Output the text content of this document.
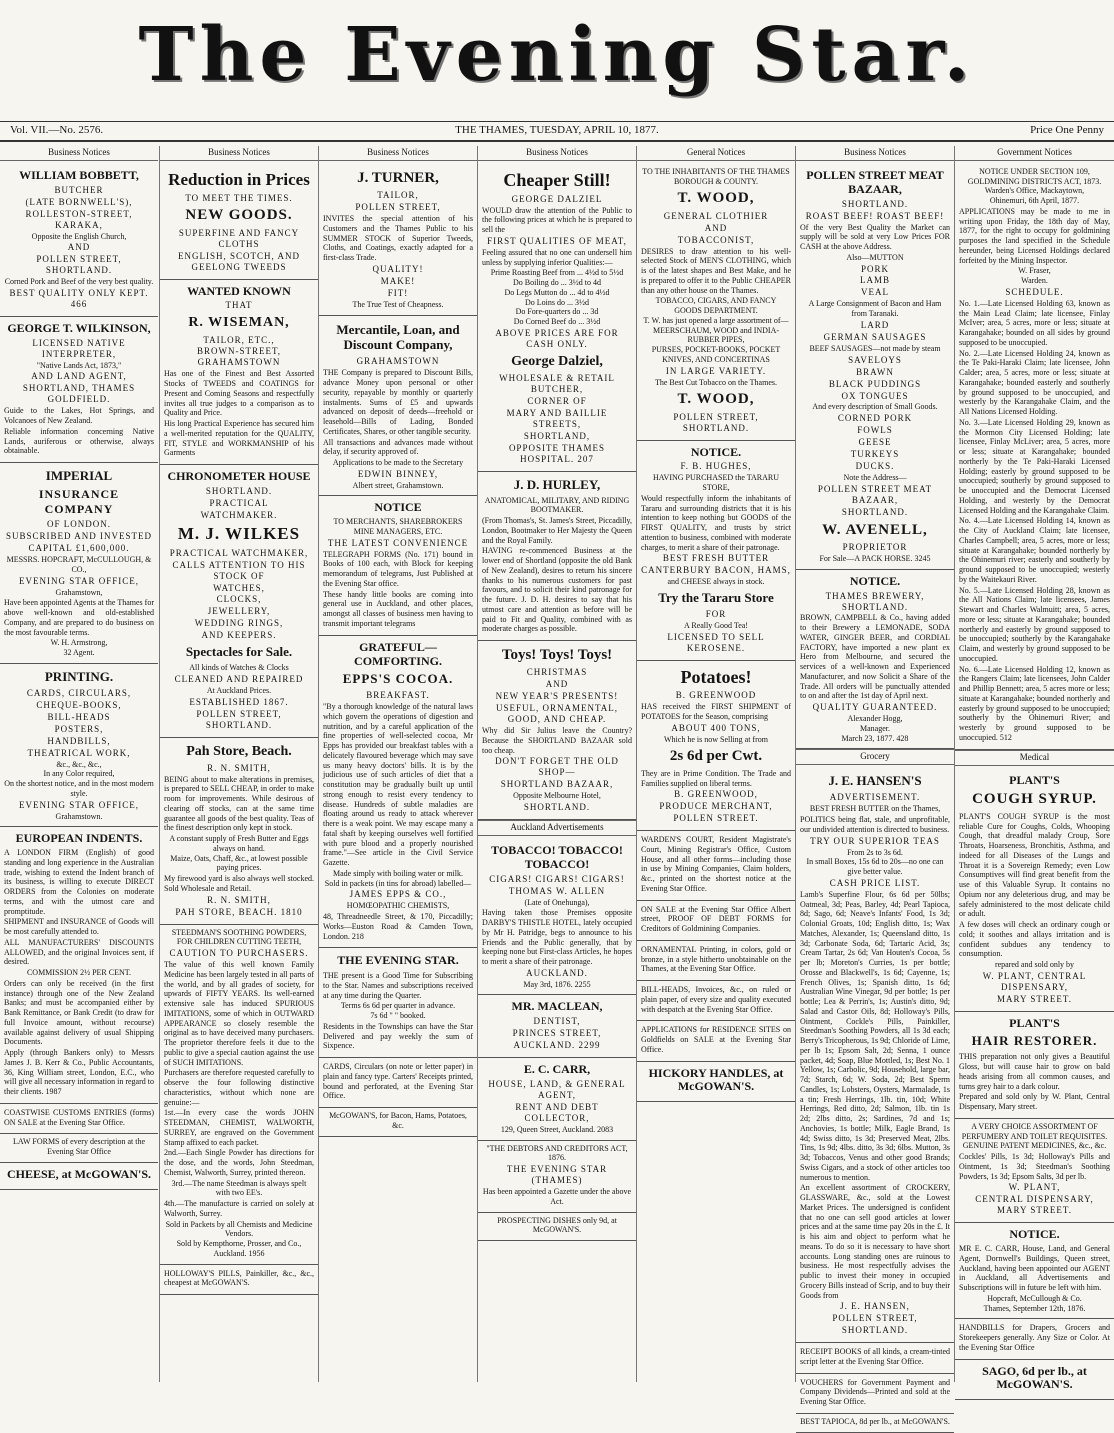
The Evening Star.
Vol. VII.—No. 2576.	THE THAMES, TUESDAY, APRIL 10, 1877.	Price One Penny
Business Notices
WILLIAM BOBBETT,
BUTCHER
(LATE BORNWELL'S),
ROLLESTON-STREET, KARAKA,
Opposite the English Church,
AND
POLLEN STREET, SHORTLAND.
Corned Pork and Beef of the very best quality.
BEST QUALITY ONLY KEPT. 466
GEORGE T. WILKINSON,
LICENSED NATIVE INTERPRETER,
"Native Lands Act, 1873,"
AND LAND AGENT,
SHORTLAND, THAMES GOLDFIELD.
Guide to the Lakes, Hot Springs, and Volcanoes of New Zealand.
Reliable information concerning Native Lands, auriferous or otherwise, always obtainable.
IMPERIAL
INSURANCE COMPANY
OF LONDON.
SUBSCRIBED AND INVESTED
CAPITAL £1,600,000.
MESSRS. HOPCRAFT, McCULLOUGH, & CO.,
EVENING STAR OFFICE,
Grahamstown,
Have been appointed Agents at the Thames for above well-known and old-established Company, and are prepared to do business on the most favourable terms.
W. H. Armstrong,
32 Agent.
PRINTING.
CARDS, CIRCULARS,
CHEQUE-BOOKS,
BILL-HEADS
POSTERS,
HANDBILLS,
THEATRICAL WORK,
&c., &c., &c.,
In any Color required,
On the shortest notice, and in the most modern style.
EVENING STAR OFFICE,
Grahamstown.
EUROPEAN INDENTS.
A LONDON FIRM (English) of good standing and long experience in the Australian trade, wishing to extend the Indent branch of its business, is willing to execute DIRECT ORDERS from the Colonies on moderate terms, and with the utmost care and promptitude.
SHIPMENT and INSURANCE of Goods will be most carefully attended to.
ALL MANUFACTURERS' DISCOUNTS ALLOWED, and the original Invoices sent, if desired.
COMMISSION 2½ PER CENT.
Orders can only be received (in the first instance) through one of the New Zealand Banks; and must be accompanied either by Bank Remittance, or Bank Credit (to draw for full Invoice amount, without recourse) available against delivery of usual Shipping Documents.
Apply (through Bankers only) to Messrs James J. B. Kerr & Co., Public Accountants, 36, King William street, London, E.C., who will give all necessary information in regard to their clients. 1987
COASTWISE CUSTOMS ENTRIES (forms) ON SALE at the Evening Star Office.
LAW FORMS of every description at the Evening Star Office
CHEESE, at McGOWAN'S.
Business Notices
Reduction in Prices
TO MEET THE TIMES.
NEW GOODS.
SUPERFINE AND FANCY CLOTHS
ENGLISH, SCOTCH, AND GEELONG TWEEDS
WANTED KNOWN
THAT
R. WISEMAN,
TAILOR, ETC.,
BROWN-STREET, GRAHAMSTOWN
Has one of the Finest and Best Assorted Stocks of TWEEDS and COATINGS for Present and Coming Seasons and respectfully invites all true judges to a comparison as to Quality and Price.
His long Practical Experience has secured him a well-merited reputation for the QUALITY, FIT, STYLE and WORKMANSHIP of his Garments
CHRONOMETER HOUSE
SHORTLAND.
PRACTICAL
WATCHMAKER.
M. J. WILKES
PRACTICAL WATCHMAKER,
CALLS ATTENTION TO HIS STOCK OF
WATCHES,
CLOCKS,
JEWELLERY,
WEDDING RINGS,
AND KEEPERS.
Spectacles for Sale.
All kinds of Watches & Clocks
CLEANED AND REPAIRED
At Auckland Prices.
ESTABLISHED 1867.
POLLEN STREET, SHORTLAND.
Pah Store, Beach.
R. N. SMITH,
BEING about to make alterations in premises, is prepared to SELL CHEAP, in order to make room for improvements. While desirous of clearing off stocks, can at the same time guarantee all goods of the best quality. Teas of the finest description only kept in stock.
A constant supply of Fresh Butter and Eggs always on hand.
Maize, Oats, Chaff, &c., at lowest possible paying prices.
My firewood yard is also always well stocked. Sold Wholesale and Retail.
R. N. SMITH,
PAH STORE, BEACH. 1810
STEEDMAN'S SOOTHING POWDERS, FOR CHILDREN CUTTING TEETH,
CAUTION TO PURCHASERS.
The value of this well known Family Medicine has been largely tested in all parts of the world, and by all grades of society, for upwards of FIFTY YEARS. Its well-earned extensive sale has induced SPURIOUS IMITATIONS, some of which in OUTWARD APPEARANCE so closely resemble the original as to have deceived many purchasers. The proprietor therefore feels it due to the public to give a special caution against the use of SUCH IMITATIONS.
Purchasers are therefore requested carefully to observe the four following distinctive characteristics, without which none are genuine:—
1st.—In every case the words JOHN STEEDMAN, CHEMIST, WALWORTH, SURREY, are engraved on the Government Stamp affixed to each packet.
2nd.—Each Single Powder has directions for the dose, and the words, John Steedman, Chemist, Walworth, Surrey, printed thereon.
3rd.—The name Steedman is always spelt with two EE's.
4th.—The manufacture is carried on solely at Walworth, Surrey.
Sold in Packets by all Chemists and Medicine Vendors.
Sold by Kempthorne, Prosser, and Co., Auckland. 1956
HOLLOWAY'S PILLS, Painkiller, &c., &c., cheapest at McGOWAN'S.
Business Notices
J. TURNER,
TAILOR,
POLLEN STREET,
INVITES the special attention of his Customers and the Thames Public to his SUMMER STOCK of Superior Tweeds, Cloths, and Coatings, exactly adapted for a first-class Trade.
QUALITY!
MAKE!
FIT!
The True Test of Cheapness.
Mercantile, Loan, and Discount Company,
GRAHAMSTOWN
THE Company is prepared to Discount Bills, advance Money upon personal or other security, repayable by monthly or quarterly instalments. Sums of £5 and upwards advanced on deposit of deeds—freehold or leasehold—Bills of Lading, Bonded Certificates, Shares, or other tangible security.
All transactions and advances made without delay, if security approved of.
Applications to be made to the Secretary
EDWIN BINNEY,
Albert street, Grahamstown.
NOTICE
TO MERCHANTS, SHAREBROKERS MINE MANAGERS, ETC.
THE LATEST CONVENIENCE
TELEGRAPH FORMS (No. 171) bound in Books of 100 each, with Block for keeping memorandum of telegrams, Just Published at the Evening Star office.
These handy little books are coming into general use in Auckland, and other places, amongst all classes of business men having to transmit important telegrams
GRATEFUL—COMFORTING.
EPPS'S COCOA.
BREAKFAST.
"By a thorough knowledge of the natural laws which govern the operations of digestion and nutrition, and by a careful application of the fine properties of well-selected cocoa, Mr Epps has provided our breakfast tables with a delicately flavoured beverage which may save us many heavy doctors' bills. It is by the judicious use of such articles of diet that a constitution may be gradually built up until strong enough to resist every tendency to disease. Hundreds of subtle maladies are floating around us ready to attack wherever there is a weak point. We may escape many a fatal shaft by keeping ourselves well fortified with pure blood and a properly nourished frame."—See article in the Civil Service Gazette.
Made simply with boiling water or milk.
Sold in packets (in tins for abroad) labelled—
JAMES EPPS & CO.,
HOMŒOPATHIC CHEMISTS,
48, Threadneedle Street, & 170, Piccadilly; Works—Euston Road & Camden Town, London. 218
THE EVENING STAR.
THE present is a Good Time for Subscribing to the Star. Names and subscriptions received at any time during the Quarter.
Terms 6s 6d per quarter in advance.
7s 6d " " booked.
Residents in the Townships can have the Star Delivered and pay weekly the sum of Sixpence.
CARDS, Circulars (on note or letter paper) in plain and fancy type. Carters' Receipts printed, bound and perforated, at the Evening Star Office.
McGOWAN'S, for Bacon, Hams, Potatoes, &c.
Business Notices
Cheaper Still!
GEORGE DALZIEL
WOULD draw the attention of the Public to the following prices at which he is prepared to sell the
FIRST QUALITIES OF MEAT,
Feeling assured that no one can undersell him unless by supplying inferior Qualities:—
Prime Roasting Beef from ... 4½d to 5½d
Do Boiling do ... 3½d to 4d
Do Legs Mutton do ... 4d to 4½d
Do Loins do ... 3½d
Do Fore-quarters do ... 3d
Do Corned Beef do ... 3½d
ABOVE PRICES ARE FOR CASH ONLY.
George Dalziel,
WHOLESALE & RETAIL BUTCHER,
CORNER OF
MARY AND BAILLIE STREETS,
SHORTLAND,
OPPOSITE THAMES HOSPITAL. 207
J. D. HURLEY,
ANATOMICAL, MILITARY, AND RIDING BOOTMAKER.
(From Thomas's, St. James's Street, Piccadilly, London, Bootmaker to Her Majesty the Queen and the Royal Family.
HAVING re-commenced Business at the lower end of Shortland (opposite the old Bank of New Zealand), desires to return his sincere thanks to his numerous customers for past favours, and to solicit their kind patronage for the future. J. D. H. desires to say that his utmost care and attention as before will be paid to Fit and Quality, combined with as moderate charges as possible.
Toys! Toys! Toys!
CHRISTMAS
AND
NEW YEAR'S PRESENTS!
USEFUL, ORNAMENTAL, GOOD, AND CHEAP.
Why did Sir Julius leave the Country? Because the SHORTLAND BAZAAR sold too cheap.
DON'T FORGET THE OLD SHOP—
SHORTLAND BAZAAR,
Opposite Melbourne Hotel,
SHORTLAND.
Auckland Advertisements
TOBACCO! TOBACCO! TOBACCO!
CIGARS! CIGARS! CIGARS!
THOMAS W. ALLEN
(Late of Onehunga),
Having taken those Premises opposite DARBY'S THISTLE HOTEL, lately occupied by Mr H. Patridge, begs to announce to his Friends and the Public generally, that by keeping none but First-class Articles, he hopes to merit a share of their patronage.
AUCKLAND.
May 3rd, 1876. 2255
MR. MACLEAN,
DENTIST,
PRINCES STREET,
AUCKLAND. 2299
E. C. CARR,
HOUSE, LAND, & GENERAL AGENT,
RENT AND DEBT COLLECTOR,
129, Queen Street, Auckland. 2083
"THE DEBTORS AND CREDITORS ACT, 1876.
THE EVENING STAR (THAMES)
Has been appointed a Gazette under the above Act.
PROSPECTING DISHES only 9d, at McGOWAN'S.
General Notices
TO THE INHABITANTS OF THE THAMES BOROUGH & COUNTY.
T. WOOD,
GENERAL CLOTHIER
AND
TOBACCONIST,
DESIRES to draw attention to his well-selected Stock of MEN'S CLOTHING, which is of the latest shapes and Best Make, and he is prepared to offer it to the Public CHEAPER than any other house on the Thames.
TOBACCO, CIGARS, AND FANCY GOODS DEPARTMENT.
T. W. has just opened a large assortment of—
MEERSCHAUM, WOOD and INDIA-RUBBER PIPES,
PURSES, POCKET-BOOKS, POCKET KNIVES, AND CONCERTINAS
IN LARGE VARIETY.
The Best Cut Tobacco on the Thames.
T. WOOD,
POLLEN STREET, SHORTLAND.
NOTICE.
F. B. HUGHES,
HAVING PURCHASED the TARARU STORE,
Would respectfully inform the inhabitants of Tararu and surrounding districts that it is his intention to keep nothing but GOODS of the FIRST QUALITY, and trusts by strict attention to business, combined with moderate charges, to merit a share of their patronage.
BEST FRESH BUTTER
CANTERBURY BACON, HAMS,
and CHEESE always in stock.
Try the Tararu Store
FOR
A Really Good Tea!
LICENSED TO SELL KEROSENE.
Potatoes!
B. GREENWOOD
HAS received the FIRST SHIPMENT of POTATOES for the Season, comprising
ABOUT 400 TONS,
Which he is now Selling at from
2s 6d per Cwt.
They are in Prime Condition. The Trade and Families supplied on liberal terms.
B. GREENWOOD,
PRODUCE MERCHANT,
POLLEN STREET.
WARDEN'S COURT, Resident Magistrate's Court, Mining Registrar's Office, Custom House, and all other forms—including those in use by Mining Companies, Claim holders, &c., printed on the shortest notice at the Evening Star Office.
ON SALE at the Evening Star Office Albert street, PROOF OF DEBT FORMS for Creditors of Goldmining Companies.
ORNAMENTAL Printing, in colors, gold or bronze, in a style hitherto unobtainable on the Thames, at the Evening Star Office.
BILL-HEADS, Invoices, &c., on ruled or plain paper, of every size and quality executed with despatch at the Evening Star Office.
APPLICATIONS for RESIDENCE SITES on Goldfields on SALE at the Evening Star Office.
HICKORY HANDLES, at McGOWAN'S.
Business Notices
POLLEN STREET MEAT BAZAAR,
SHORTLAND.
ROAST BEEF! ROAST BEEF!
Of the very Best Quality the Market can supply will be sold at very Low Prices FOR CASH at the above Address.
Also—MUTTON
PORK
LAMB
VEAL
A Large Consignment of Bacon and Ham from Taranaki.
LARD
GERMAN SAUSAGES
BEEF SAUSAGES—not made by steam
SAVELOYS
BRAWN
BLACK PUDDINGS
OX TONGUES
And every description of Small Goods.
CORNED PORK
FOWLS
GEESE
TURKEYS
DUCKS.
Note the Address—
POLLEN STREET MEAT BAZAAR,
SHORTLAND.
W. AVENELL,
PROPRIETOR
For Sale—A PACK HORSE. 3245
NOTICE.
THAMES BREWERY, SHORTLAND.
BROWN, CAMPBELL & Co., having added to their Brewery a LEMONADE, SODA WATER, GINGER BEER, and CORDIAL FACTORY, have imported a new plant ex Hero from Melbourne, and secured the services of a well-known and Experienced Manufacturer, and now Solicit a Share of the Trade. All orders will be punctually attended to on and after the 1st day of April next.
QUALITY GUARANTEED.
Alexander Hogg,
Manager.
March 23, 1877. 428
Grocery
J. E. HANSEN'S
ADVERTISEMENT.
BEST FRESH BUTTER on the Thames,
POLITICS being flat, stale, and unprofitable, our undivided attention is directed to business.
TRY OUR SUPERIOR TEAS
From 2s to 3s 6d.
In small Boxes, 15s 6d to 20s—no one can give better value.
CASH PRICE LIST.
Lamb's Superfine Flour, 6s 6d per 50lbs; Oatmeal, 3d; Peas, Barley, 4d; Pearl Tapioca, 8d; Sago, 6d; Neave's Infants' Food, 1s 3d; Colonial Groats, 10d; English ditto, 1s; Wax Matches, Alexander, 1s; Queensland ditto, 1s 3d; Carbonate Soda, 6d; Tartaric Acid, 3s; Cream Tartar, 2s 6d; Van Houten's Cocoa, 5s per lb; Moreton's Curries, 1s per bottle; Orosse and Blackwell's, 1s 6d; Cayenne, 1s; French Olives, 1s; Spanish ditto, 1s 6d; Australian Wine Vinegar, 9d per bottle; 1s per bottle; Lea & Perrin's, 1s; Austin's ditto, 9d; Salad and Castor Oils, 8d; Holloway's Pills, Ointment, Cockle's Pills, Painkiller, Steedman's Soothing Powders, all 1s 3d each; Berry's Tricopherous, 1s 9d; Chloride of Lime, per lb 1s; Epsom Salt, 2d; Senna, 1 ounce packet, 4d; Soap, Blue Mottled, 1s; Best No. 1 Yellow, 1s; Carbolic, 9d; Household, large bar, 7d; Starch, 6d; W. Soda, 2d; Best Sperm Candles, 1s; Lobsters, Oysters, Marmalade, 1s a tin; Fresh Herrings, 1lb. tin, 10d; White Herrings, Red ditto, 2d; Salmon, 1lb. tin 1s 2d; 2lbs ditto, 2s; Sardines, 7d and 1s; Anchovies, 1s bottle; Milk, Eagle Brand, 1s 4d; Swiss ditto, 1s 3d; Preserved Meat, 2lbs. Tins, 1s 9d; 4lbs. ditto, 3s 3d; 6lbs. Mutton, 3s 3d; Tobaccos, Venus and other good Brands; Swiss Cigars, and a stock of other articles too numerous to mention.
An excellent assortment of CROCKERY, GLASSWARE, &c., sold at the Lowest Market Prices. The undersigned is confident that no one can sell good articles at lower prices and at the same time pay 20s in the £. It is his aim and object to perform what he means. To do so it is necessary to have short accounts. Long standing ones are ruinous to business. He most respectfully advises the public to invest their money in occupied Grocery Bills instead of Scrip, and to buy their Goods from
J. E. HANSEN,
POLLEN STREET,
SHORTLAND.
RECEIPT BOOKS of all kinds, a cream-tinted script letter at the Evening Star Office.
VOUCHERS for Government Payment and Company Dividends—Printed and sold at the Evening Star Office.
BEST TAPIOCA, 8d per lb., at McGOWAN'S.
Government Notices
NOTICE UNDER SECTION 109, GOLDMINING DISTRICTS ACT, 1873.
Warden's Office, Mackaytown,
Ohinemuri, 6th April, 1877.
APPLICATIONS may be made to me in writing upon Friday, the 18th day of May, 1877, for the right to occupy for goldmining purposes the land specified in the Schedule hereunder, being Licensed Holdings declared forfeited by the Mining Inspector.
W. Fraser,
Warden.
SCHEDULE.
No. 1.—Late Licensed Holding 63, known as the Main Lead Claim; late licensee, Finlay McIver; area, 5 acres, more or less; situate at Karangahake; bounded on all sides by ground supposed to be unoccupied.
No. 2.—Late Licensed Holding 24, known as the Te Paki-Haraki Claim; late licensee, John Calder; area, 5 acres, more or less; situate at Karangahake; bounded easterly and southerly by ground supposed to be unoccupied, and westerly by the Karangahake Claim, and the All Nations Licensed Holding.
No. 3.—Late Licensed Holding 29, known as the Mormon City Licensed Holding; late licensee, Finlay McLiver; area, 5 acres, more or less; situate at Karangahake; bounded northerly by the Te Paki-Haraki Licensed Holding; easterly by ground supposed to be unoccupied; southerly by ground supposed to be unoccupied and the Democrat Licensed Holding, and westerly by the Democrat Licensed Holding and the Karangahake Claim.
No. 4.—Late Licensed Holding 14, known as the City of Auckland Claim; late licensee, Charles Campbell; area, 5 acres, more or less; situate at Karangahake; bounded northerly by the Ohinemuri river; easterly and southerly by ground supposed to be unoccupied; westerly by the Waitekauri River.
No. 5.—Late Licensed Holding 28, known as the All Nations Claim; late licensees, James Stewart and Charles Walmuitt; area, 5 acres, more or less; situate at Karangahake; bounded northerly and easterly by ground supposed to be unoccupied; southerly by the Karangahake Claim, and westerly by ground supposed to be unoccupied.
No. 6.—Late Licensed Holding 12, known as the Rangers Claim; late licensees, John Calder and Phillip Bennett; area, 5 acres more or less; situate at Karangahake; bounded northerly and easterly by ground supposed to be unoccupied; southerly by the Ohinemuri River; and westerly by ground supposed to be unoccupied. 512
Medical
PLANT'S
COUGH SYRUP.
PLANT'S COUGH SYRUP is the most reliable Cure for Coughs, Colds, Whooping Cough, that dreadful malady Croup, Sore Throats, Hoarseness, Bronchitis, Asthma, and indeed for all Diseases of the Lungs and Throat it is a Sovereign Remedy; even Low Consumptives will find great benefit from the use of this Valuable Syrup. It contains no Opium nor any deleterious drug, and may be safely administered to the most delicate child or adult.
A few doses will check an ordinary cough or cold; it soothes and allays irritation and is confident subdues any tendency to consumption.
repared and sold only by
W. PLANT, CENTRAL DISPENSARY,
MARY STREET.
PLANT'S
HAIR RESTORER.
THIS preparation not only gives a Beautiful Gloss, but will cause hair to grow on bald heads arising from all common causes, and turns grey hair to a dark colour.
Prepared and sold only by W. Plant, Central Dispensary, Mary street.
A VERY CHOICE ASSORTMENT OF PERFUMERY AND TOILET REQUISITES.
GENUINE PATENT MEDICINES, &c., &c.
Cockles' Pills, 1s 3d; Holloway's Pills and Ointment, 1s 3d; Steedman's Soothing Powders, 1s 3d; Epsom Salts, 3d per lb.
W. PLANT,
CENTRAL DISPENSARY, MARY STREET.
NOTICE.
MR E. C. CARR, House, Land, and General Agent, Dornwell's Buildings, Queen street, Auckland, having been appointed our AGENT in Auckland, all Advertisements and Subscriptions will in future be left with him.
Hopcraft, McCullough & Co.
Thames, September 12th, 1876.
HANDBILLS for Drapers, Grocers and Storekeepers generally. Any Size or Color. At the Evening Star Office
SAGO, 6d per lb., at McGOWAN'S.
